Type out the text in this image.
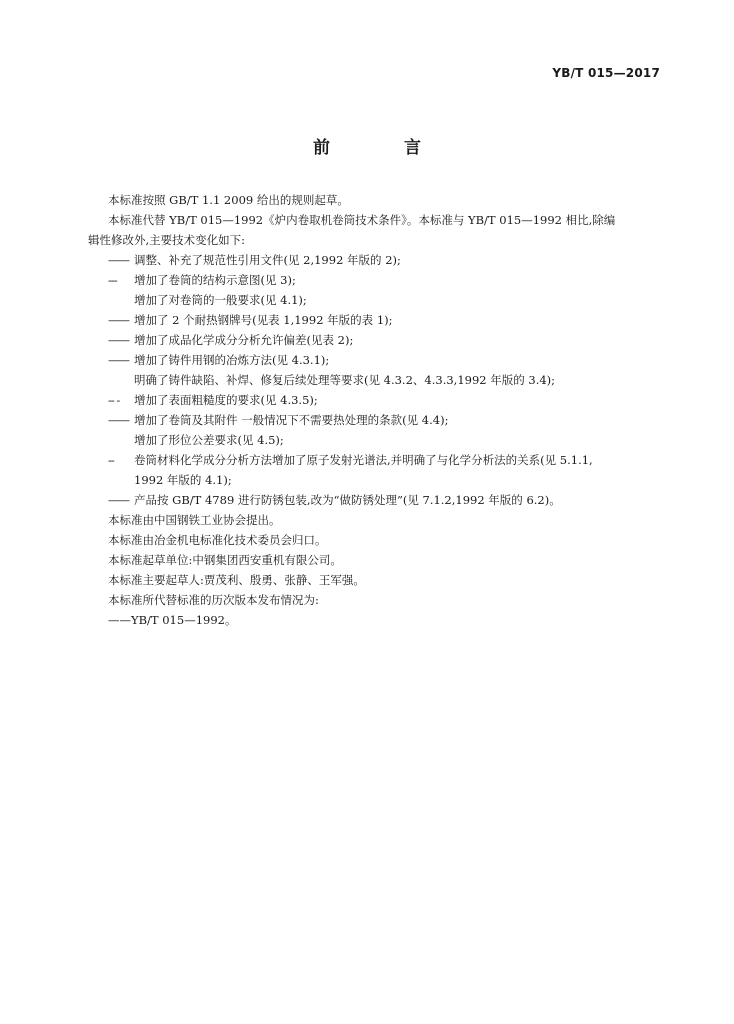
YB/T 015—2017
前 言

本标准按照 GB/T 1.1 2009 给出的规则起草。

本标准代替 YB/T 015—1992《炉内卷取机卷筒技术条件》。本标准与 YB/T 015—1992 相比,除编

辑性修改外,主要技术变化如下:

—— 调整、补充了规范性引用文件(见 2,1992 年版的 2);

--- 增加了卷筒的结构示意图(见 3);

增加了对卷筒的一般要求(见 4.1);

—— 增加了 2 个耐热钢牌号(见表 1,1992 年版的表 1);

—— 增加了成品化学成分分析允许偏差(见表 2);

—— 增加了铸件用钢的冶炼方法(见 4.3.1);

明确了铸件缺陷、补焊、修复后续处理等要求(见 4.3.2、4.3.3,1992 年版的 3.4);

-- - 增加了表面粗糙度的要求(见 4.3.5);

—— 增加了卷筒及其附件 一般情况下不需要热处理的条款(见 4.4);

增加了形位公差要求(见 4.5);

--卷筒材料化学成分分析方法增加了原子发射光谱法,并明确了与化学分析法的关系(见 5.1.1,

1992 年版的 4.1);

—— 产品按 GB/T 4789 进行防锈包装,改为“做防锈处理”(见 7.1.2,1992 年版的 6.2)。

本标准由中国钢铁工业协会提出。

本标准由冶金机电标准化技术委员会归口。

本标准起草单位:中钢集团西安重机有限公司。

本标准主要起草人:贾茂利、殷勇、张静、王军强。

本标准所代替标准的历次版本发布情况为:

——YB/T 015—1992。
